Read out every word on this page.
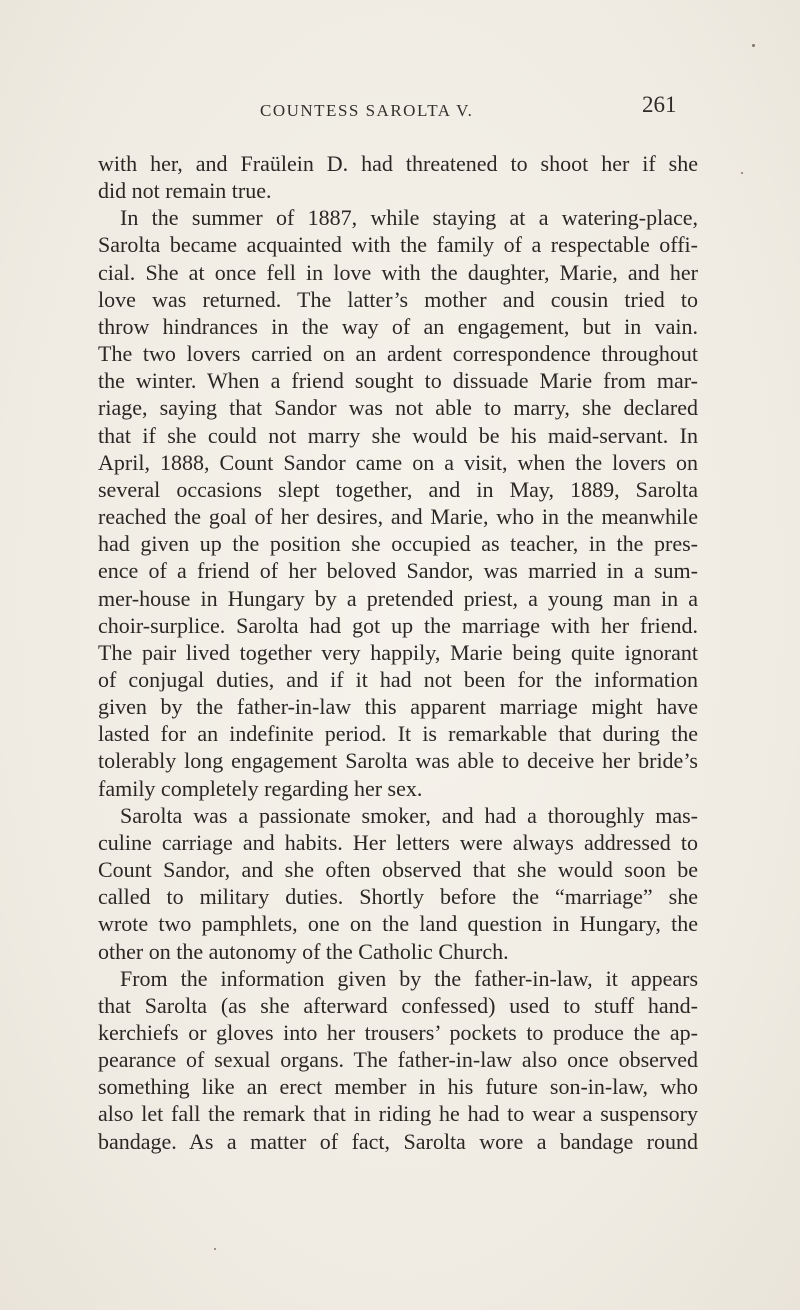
COUNTESS SAROLTA V.	261
with her, and Fraülein D. had threatened to shoot her if she
did not remain true.
In the summer of 1887, while staying at a watering-place,
Sarolta became acquainted with the family of a respectable offi-
cial. She at once fell in love with the daughter, Marie, and her
love was returned. The latter’s mother and cousin tried to
throw hindrances in the way of an engagement, but in vain.
The two lovers carried on an ardent correspondence throughout
the winter. When a friend sought to dissuade Marie from mar-
riage, saying that Sandor was not able to marry, she declared
that if she could not marry she would be his maid-servant. In
April, 1888, Count Sandor came on a visit, when the lovers on
several occasions slept together, and in May, 1889, Sarolta
reached the goal of her desires, and Marie, who in the meanwhile
had given up the position she occupied as teacher, in the pres-
ence of a friend of her beloved Sandor, was married in a sum-
mer-house in Hungary by a pretended priest, a young man in a
choir-surplice. Sarolta had got up the marriage with her friend.
The pair lived together very happily, Marie being quite ignorant
of conjugal duties, and if it had not been for the information
given by the father-in-law this apparent marriage might have
lasted for an indefinite period. It is remarkable that during the
tolerably long engagement Sarolta was able to deceive her bride’s
family completely regarding her sex.
Sarolta was a passionate smoker, and had a thoroughly mas-
culine carriage and habits. Her letters were always addressed to
Count Sandor, and she often observed that she would soon be
called to military duties. Shortly before the “marriage” she
wrote two pamphlets, one on the land question in Hungary, the
other on the autonomy of the Catholic Church.
From the information given by the father-in-law, it appears
that Sarolta (as she afterward confessed) used to stuff hand-
kerchiefs or gloves into her trousers’ pockets to produce the ap-
pearance of sexual organs. The father-in-law also once observed
something like an erect member in his future son-in-law, who
also let fall the remark that in riding he had to wear a suspensory
bandage. As a matter of fact, Sarolta wore a bandage round
